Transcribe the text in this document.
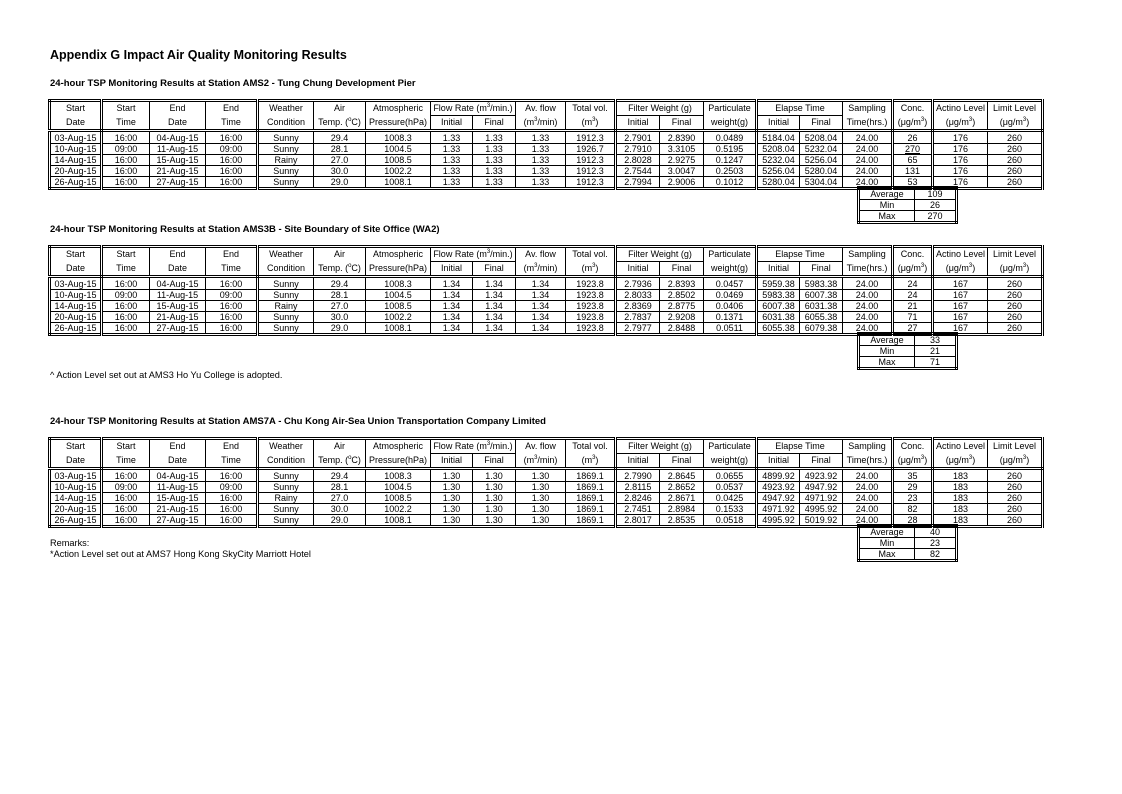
Appendix G Impact Air Quality Monitoring Results
24-hour TSP Monitoring Results at Station AMS2 - Tung Chung Development Pier
Start	Start	End	End	Weather	Air	Atmospheric	Flow Rate $(m^3/\min.)$		Av. flow	Total vol.	Filter Weight (g)		Particulate	Elapse Time		Sampling	Conc.	Actino Level	Limit Level
Date	Time	Date	Time	Condition	Temp. ($^o$C)	Pressure(hPa)	Initial	Final	$(m^3/\min)$	$(m^3)$	Initial	Final	weight(g)	Initial	Final	Time(hrs.)	$(\mu g/m^3)$	$(\mu g/m^3)$	$(\mu g/m^3)$
03-Aug-15	16:00	04-Aug-15	16:00	Sunny	29.4	1008.3	1.33	1.33	1.33	1912.3	2.7901	2.8390	0.0489	5184.04	5208.04	24.00	26	176	260
10-Aug-15	09:00	11-Aug-15	09:00	Sunny	28.1	1004.5	1.33	1.33	1.33	1926.7	2.7910	3.3105	0.5195	5208.04	5232.04	24.00	270	176	260
14-Aug-15	16:00	15-Aug-15	16:00	Rainy	27.0	1008.5	1.33	1.33	1.33	1912.3	2.8028	2.9275	0.1247	5232.04	5256.04	24.00	65	176	260
20-Aug-15	16:00	21-Aug-15	16:00	Sunny	30.0	1002.2	1.33	1.33	1.33	1912.3	2.7544	3.0047	0.2503	5256.04	5280.04	24.00	131	176	260
26-Aug-15	16:00	27-Aug-15	16:00	Sunny	29.0	1008.1	1.33	1.33	1.33	1912.3	2.7994	2.9006	0.1012	5280.04	5304.04	24.00	53	176	260
Average	109
Min	26
Max	270
24-hour TSP Monitoring Results at Station AMS3B - Site Boundary of Site Office (WA2)
Start	Start	End	End	Weather	Air	Atmospheric	Flow Rate $(m^3/\min.)$		Av. flow	Total vol.	Filter Weight (g)		Particulate	Elapse Time		Sampling	Conc.	Actino Level	Limit Level
Date	Time	Date	Time	Condition	Temp. ($^o$C)	Pressure(hPa)	Initial	Final	$(m^3/\min)$	$(m^3)$	Initial	Final	weight(g)	Initial	Final	Time(hrs.)	$(\mu g/m^3)$	$(\mu g/m^3)$	$(\mu g/m^3)$
03-Aug-15	16:00	04-Aug-15	16:00	Sunny	29.4	1008.3	1.34	1.34	1.34	1923.8	2.7936	2.8393	0.0457	5959.38	5983.38	24.00	24	167	260
10-Aug-15	09:00	11-Aug-15	09:00	Sunny	28.1	1004.5	1.34	1.34	1.34	1923.8	2.8033	2.8502	0.0469	5983.38	6007.38	24.00	24	167	260
14-Aug-15	16:00	15-Aug-15	16:00	Rainy	27.0	1008.5	1.34	1.34	1.34	1923.8	2.8369	2.8775	0.0406	6007.38	6031.38	24.00	21	167	260
20-Aug-15	16:00	21-Aug-15	16:00	Sunny	30.0	1002.2	1.34	1.34	1.34	1923.8	2.7837	2.9208	0.1371	6031.38	6055.38	24.00	71	167	260
26-Aug-15	16:00	27-Aug-15	16:00	Sunny	29.0	1008.1	1.34	1.34	1.34	1923.8	2.7977	2.8488	0.0511	6055.38	6079.38	24.00	27	167	260
Average	33
Min	21
Max	71
^ Action Level set out at AMS3 Ho Yu College is adopted.
24-hour TSP Monitoring Results at Station AMS7A - Chu Kong Air-Sea Union Transportation Company Limited
Start	Start	End	End	Weather	Air	Atmospheric	Flow Rate $(m^3/\min.)$		Av. flow	Total vol.	Filter Weight (g)		Particulate	Elapse Time		Sampling	Conc.	Actino Level	Limit Level
Date	Time	Date	Time	Condition	Temp. ($^o$C)	Pressure(hPa)	Initial	Final	$(m^3/\min)$	$(m^3)$	Initial	Final	weight(g)	Initial	Final	Time(hrs.)	$(\mu g/m^3)$	$(\mu g/m^3)$	$(\mu g/m^3)$
03-Aug-15	16:00	04-Aug-15	16:00	Sunny	29.4	1008.3	1.30	1.30	1.30	1869.1	2.7990	2.8645	0.0655	4899.92	4923.92	24.00	35	183	260
10-Aug-15	09:00	11-Aug-15	09:00	Sunny	28.1	1004.5	1.30	1.30	1.30	1869.1	2.8115	2.8652	0.0537	4923.92	4947.92	24.00	29	183	260
14-Aug-15	16:00	15-Aug-15	16:00	Rainy	27.0	1008.5	1.30	1.30	1.30	1869.1	2.8246	2.8671	0.0425	4947.92	4971.92	24.00	23	183	260
20-Aug-15	16:00	21-Aug-15	16:00	Sunny	30.0	1002.2	1.30	1.30	1.30	1869.1	2.7451	2.8984	0.1533	4971.92	4995.92	24.00	82	183	260
26-Aug-15	16:00	27-Aug-15	16:00	Sunny	29.0	1008.1	1.30	1.30	1.30	1869.1	2.8017	2.8535	0.0518	4995.92	5019.92	24.00	28	183	260
Average	40
Min	23
Max	82
Remarks:
*Action Level set out at AMS7 Hong Kong SkyCity Marriott Hotel
